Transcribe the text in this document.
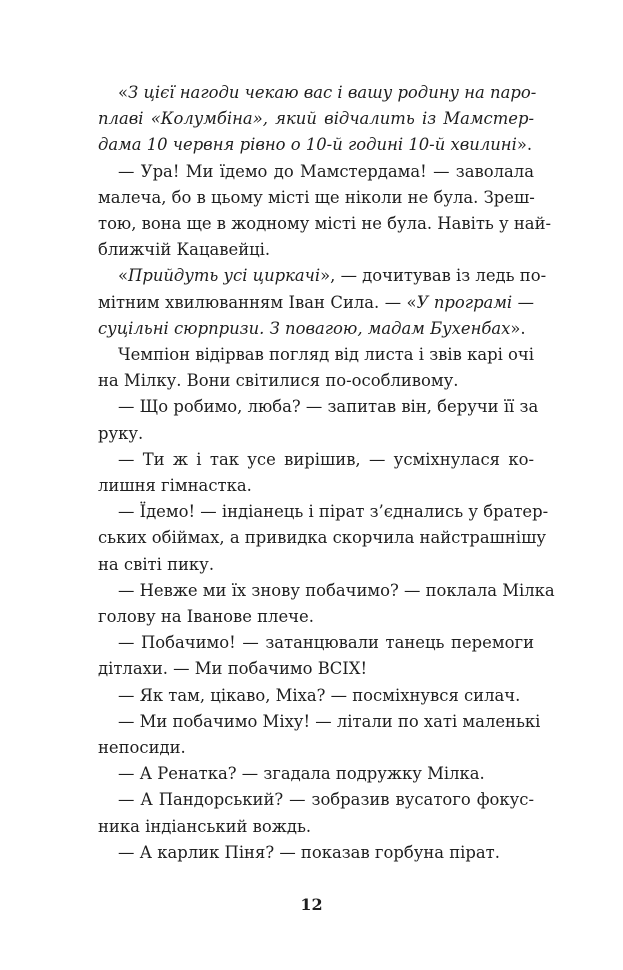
«З цієї нагоди чекаю вас і вашу родину на паро-
плаві «Колумбіна», який відчалить із Мамстер-
дама 10 червня рівно о 10-й годині 10-й хвилині».
— Ура! Ми їдемо до Мамстердама! — заволала
малеча, бо в цьому місті ще ніколи не була. Зреш-
тою, вона ще в жодному місті не була. Навіть у най-
ближчій Кацавейці.
«Прийдуть усі циркачі», — дочитував із ледь по-
мітним хвилюванням Іван Сила. — «У програмі —
суцільні сюрпризи. З повагою, мадам Бухенбах».
Чемпіон відірвав погляд від листа і звів карі очі
на Мілку. Вони світилися по-особливому.
— Що робимо, люба? — запитав він, беручи її за
руку.
— Ти ж і так усе вирішив, — усміхнулася ко-
лишня гімнастка.
— Їдемо! — індіанець і пірат з’єднались у братер-
ських обіймах, а привидка скорчила найстрашнішу
на світі пику.
— Невже ми їх знову побачимо? — поклала Мілка
голову на Іванове плече.
— Побачимо! — затанцювали танець перемоги
дітлахи. — Ми побачимо ВСІХ!
— Як там, цікаво, Міха? — посміхнувся силач.
— Ми побачимо Міху! — літали по хаті маленькі
непосиди.
— А Ренатка? — згадала подружку Мілка.
— А Пандорський? — зобразив вусатого фокус-
ника індіанський вождь.
— А карлик Піня? — показав горбуна пірат.
12
